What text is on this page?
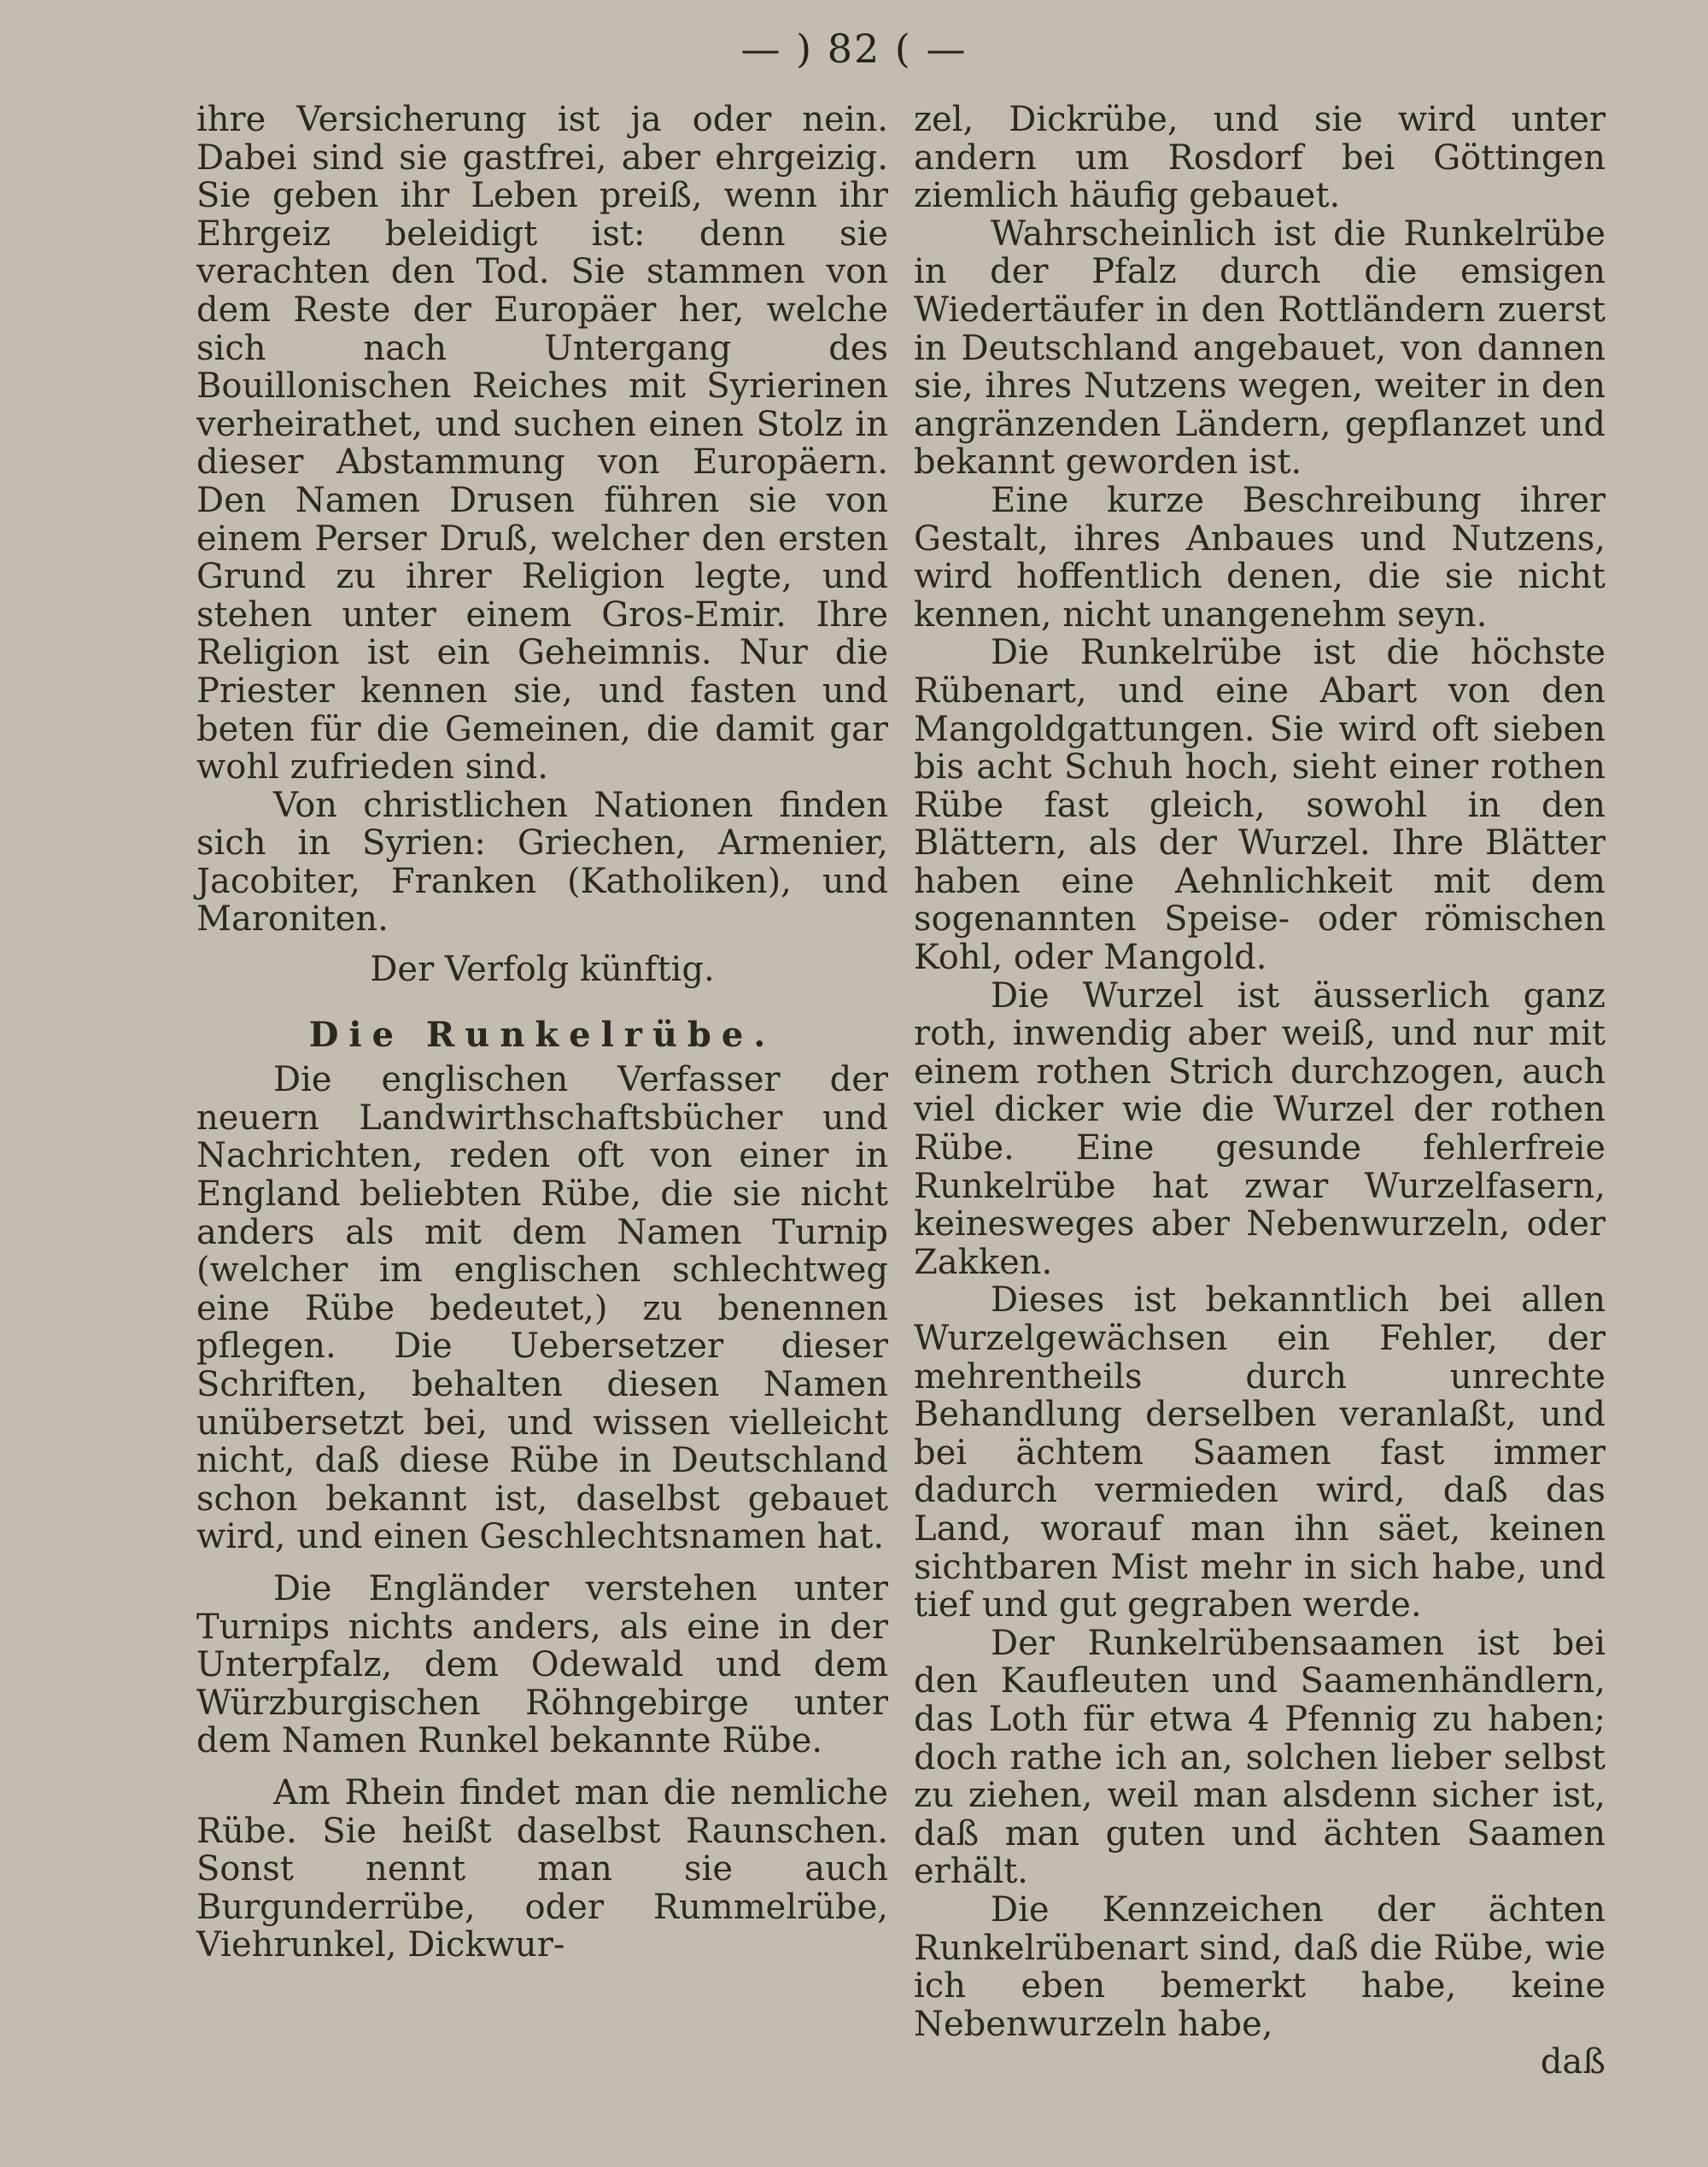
— ) 82 ( —

ihre Versicherung ist ja oder nein. Dabei sind sie gastfrei, aber ehrgeizig. Sie geben ihr Leben preiß, wenn ihr Ehrgeiz beleidigt ist: denn sie verachten den Tod. Sie stammen von dem Reste der Europäer her, welche sich nach Untergang des Bouillonischen Reiches mit Syrierinen verheirathet, und suchen einen Stolz in dieser Abstammung von Europäern. Den Namen Drusen führen sie von einem Perser Druß, welcher den ersten Grund zu ihrer Religion legte, und stehen unter einem Gros-Emir. Ihre Religion ist ein Geheimnis. Nur die Priester kennen sie, und fasten und beten für die Gemeinen, die damit gar wohl zufrieden sind.

Von christlichen Nationen finden sich in Syrien: Griechen, Armenier, Jacobiter, Franken (Katholiken), und Maroniten.

Der Verfolg künftig.
Die Runkelrübe.

Die englischen Verfasser der neuern Landwirthschaftsbücher und Nachrichten, reden oft von einer in England beliebten Rübe, die sie nicht anders als mit dem Namen Turnip (welcher im englischen schlechtweg eine Rübe bedeutet,) zu benennen pflegen. Die Uebersetzer dieser Schriften, behalten diesen Namen unübersetzt bei, und wissen vielleicht nicht, daß diese Rübe in Deutschland schon bekannt ist, daselbst gebauet wird, und einen Geschlechtsnamen hat.

Die Engländer verstehen unter Turnips nichts anders, als eine in der Unterpfalz, dem Odewald und dem Würzburgischen Röhngebirge unter dem Namen Runkel bekannte Rübe.

Am Rhein findet man die nemliche Rübe. Sie heißt daselbst Raunschen. Sonst nennt man sie auch Burgunderrübe, oder Rummelrübe, Viehrunkel, Dickwur-

zel, Dickrübe, und sie wird unter andern um Rosdorf bei Göttingen ziemlich häufig gebauet.

Wahrscheinlich ist die Runkelrübe in der Pfalz durch die emsigen Wiedertäufer in den Rottländern zuerst in Deutschland angebauet, von dannen sie, ihres Nutzens wegen, weiter in den angränzenden Ländern, gepflanzet und bekannt geworden ist.

Eine kurze Beschreibung ihrer Gestalt, ihres Anbaues und Nutzens, wird hoffentlich denen, die sie nicht kennen, nicht unangenehm seyn.

Die Runkelrübe ist die höchste Rübenart, und eine Abart von den Mangoldgattungen. Sie wird oft sieben bis acht Schuh hoch, sieht einer rothen Rübe fast gleich, sowohl in den Blättern, als der Wurzel. Ihre Blätter haben eine Aehnlichkeit mit dem sogenannten Speise- oder römischen Kohl, oder Mangold.

Die Wurzel ist äusserlich ganz roth, inwendig aber weiß, und nur mit einem rothen Strich durchzogen, auch viel dicker wie die Wurzel der rothen Rübe. Eine gesunde fehlerfreie Runkelrübe hat zwar Wurzelfasern, keinesweges aber Nebenwurzeln, oder Zakken.

Dieses ist bekanntlich bei allen Wurzelgewächsen ein Fehler, der mehrentheils durch unrechte Behandlung derselben veranlaßt, und bei ächtem Saamen fast immer dadurch vermieden wird, daß das Land, worauf man ihn säet, keinen sichtbaren Mist mehr in sich habe, und tief und gut gegraben werde.

Der Runkelrübensaamen ist bei den Kaufleuten und Saamenhändlern, das Loth für etwa 4 Pfennig zu haben; doch rathe ich an, solchen lieber selbst zu ziehen, weil man alsdenn sicher ist, daß man guten und ächten Saamen erhält.

Die Kennzeichen der ächten Runkelrübenart sind, daß die Rübe, wie ich eben bemerkt habe, keine Nebenwurzeln habe,

daß
